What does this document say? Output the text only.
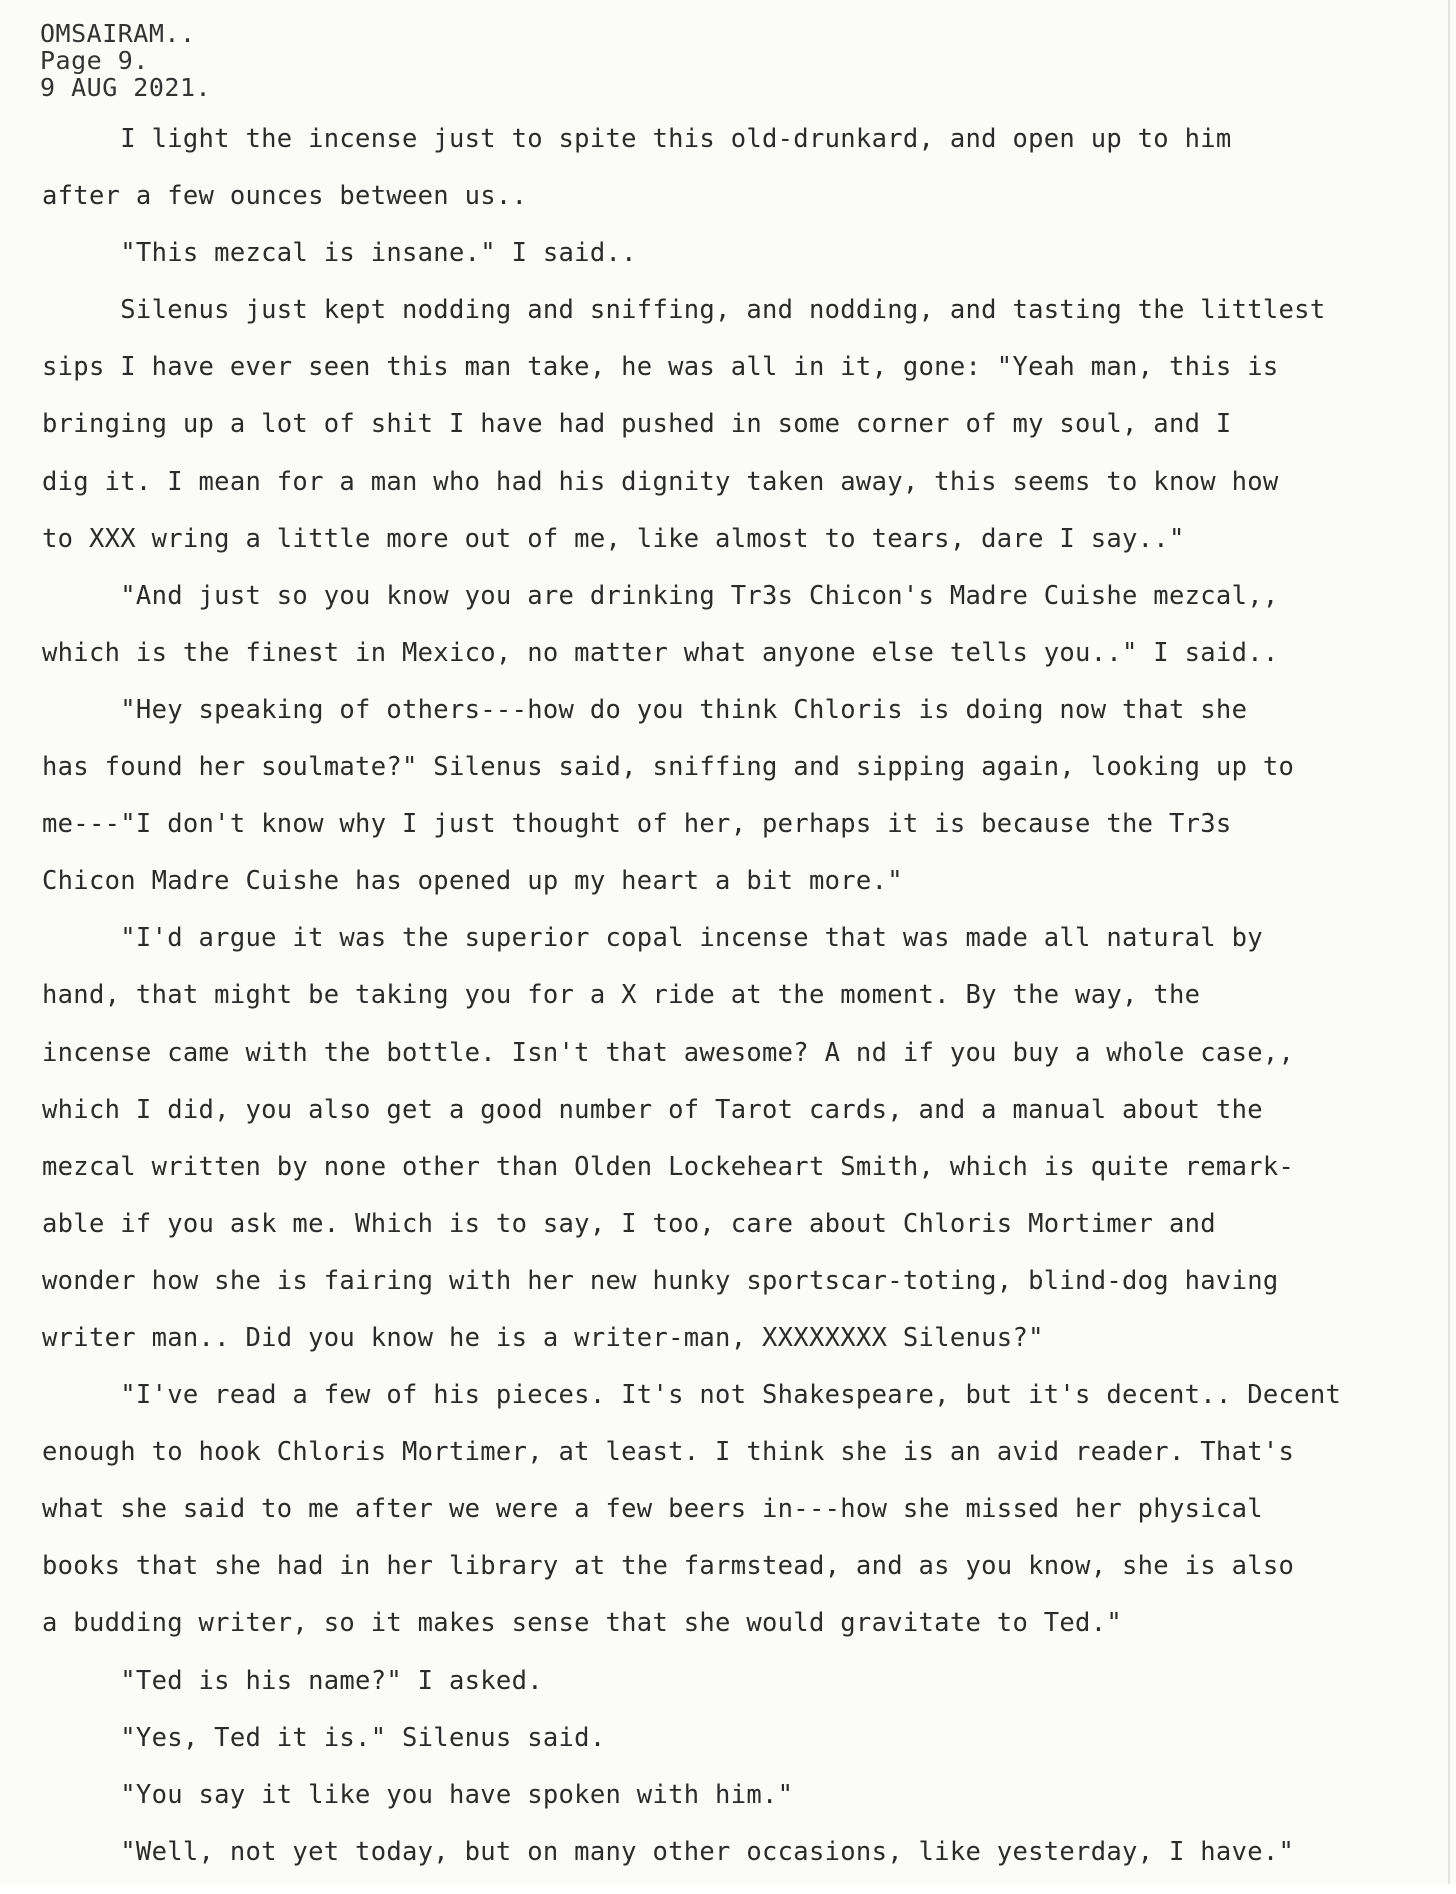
OMSAIRAM..
Page 9.
9 AUG 2021.
I light the incense just to spite this old-drunkard, and open up to him
after a few ounces between us..
"This mezcal is insane." I said..
Silenus just kept nodding and sniffing, and nodding, and tasting the littlest
sips I have ever seen this man take, he was all in it, gone: "Yeah man, this is
bringing up a lot of shit I have had pushed in some corner of my soul, and I
dig it. I mean for a man who had his dignity taken away, this seems to know how
to XXX wring a little more out of me, like almost to tears, dare I say.."
"And just so you know you are drinking Tr3s Chicon's Madre Cuishe mezcal,,
which is the finest in Mexico, no matter what anyone else tells you.." I said..
"Hey speaking of others---how do you think Chloris is doing now that she
has found her soulmate?" Silenus said, sniffing and sipping again, looking up to
me---"I don't know why I just thought of her, perhaps it is because the Tr3s
Chicon Madre Cuishe has opened up my heart a bit more."
"I'd argue it was the superior copal incense that was made all natural by
hand, that might be taking you for a X ride at the moment. By the way, the
incense came with the bottle. Isn't that awesome? A nd if you buy a whole case,,
which I did, you also get a good number of Tarot cards, and a manual about the
mezcal written by none other than Olden Lockeheart Smith, which is quite remark-
able if you ask me. Which is to say, I too, care about Chloris Mortimer and
wonder how she is fairing with her new hunky sportscar-toting, blind-dog having
writer man.. Did you know he is a writer-man, XXXXXXXX Silenus?"
"I've read a few of his pieces. It's not Shakespeare, but it's decent.. Decent
enough to hook Chloris Mortimer, at least. I think she is an avid reader. That's
what she said to me after we were a few beers in---how she missed her physical
books that she had in her library at the farmstead, and as you know, she is also
a budding writer, so it makes sense that she would gravitate to Ted."
"Ted is his name?" I asked.
"Yes, Ted it is." Silenus said.
"You say it like you have spoken with him."
"Well, not yet today, but on many other occasions, like yesterday, I have."
